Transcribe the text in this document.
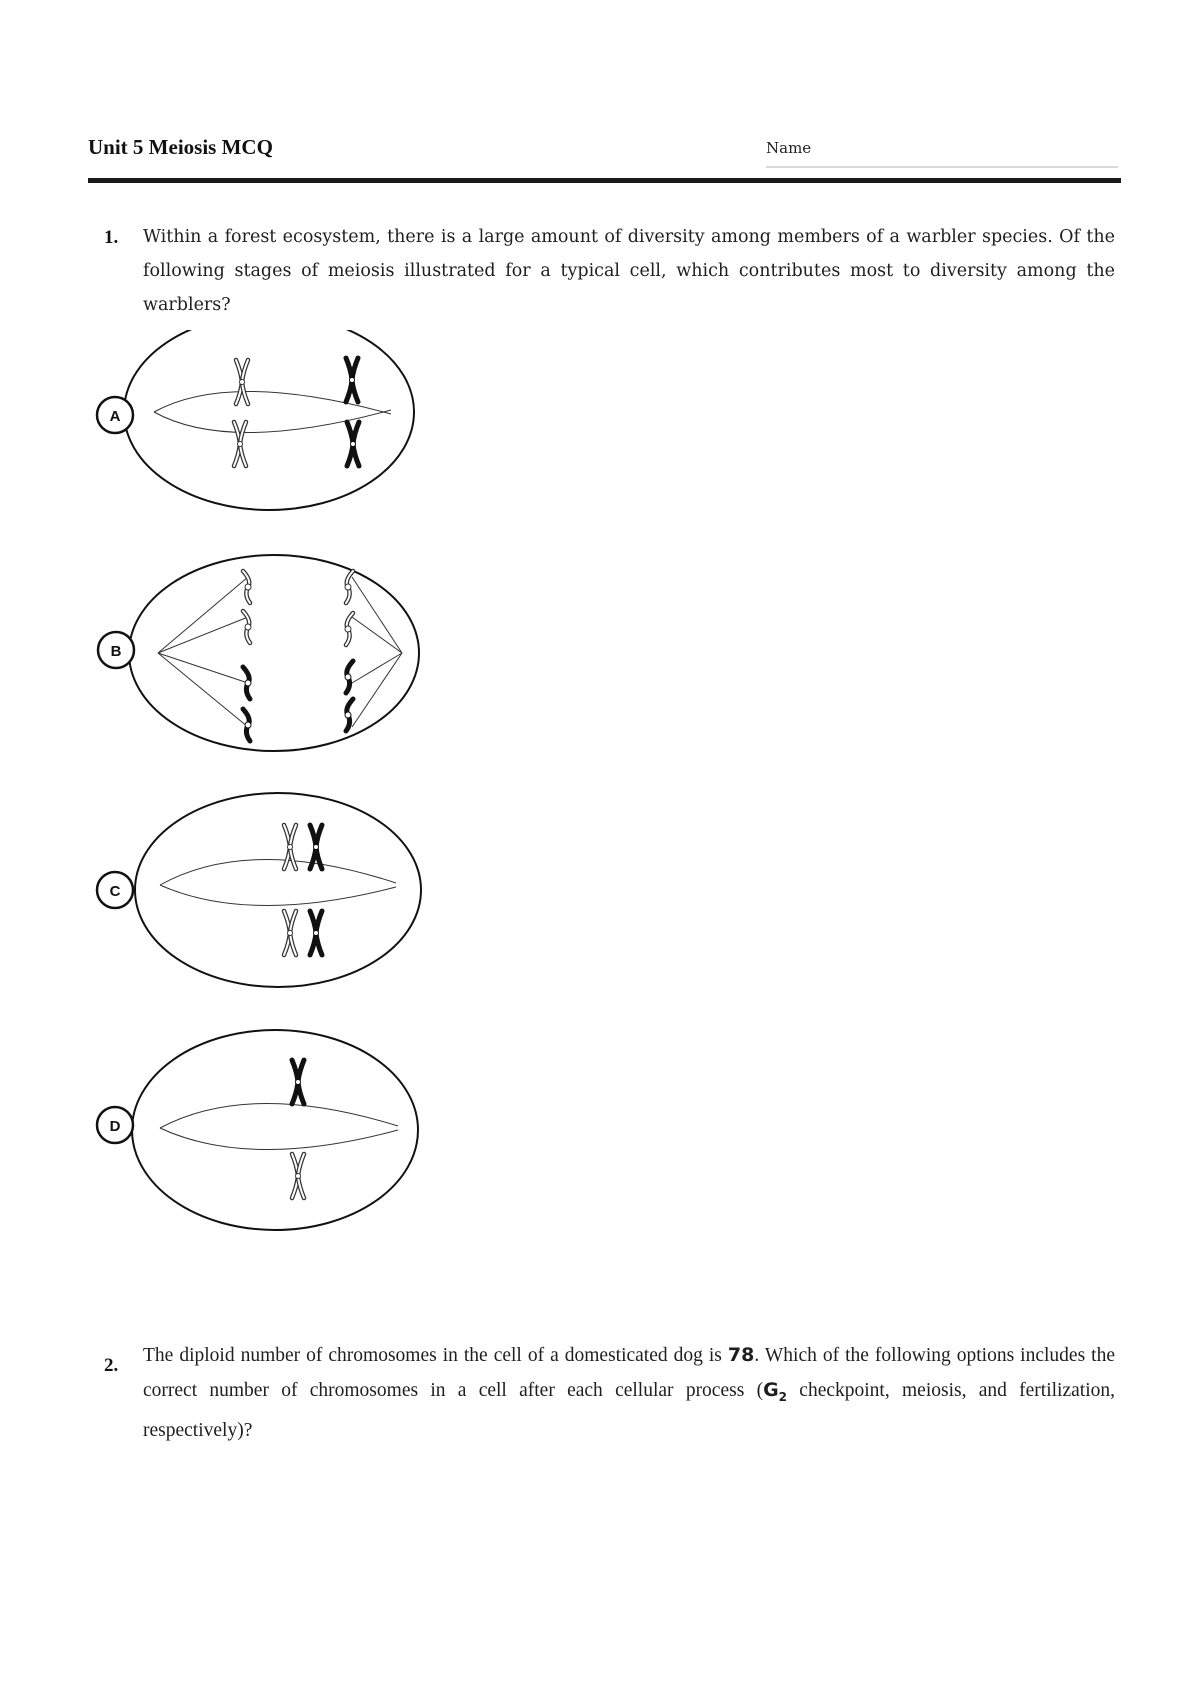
Unit 5 Meiosis MCQ	Name
1. Within a forest ecosystem, there is a large amount of diversity among members of a warbler species. Of the following stages of meiosis illustrated for a typical cell, which contributes most to diversity among the warblers?
A
B
C
D
2. The diploid number of chromosomes in the cell of a domesticated dog is 78. Which of the following options includes the correct number of chromosomes in a cell after each cellular process ($G_2$ checkpoint, meiosis, and fertilization, respectively)?
